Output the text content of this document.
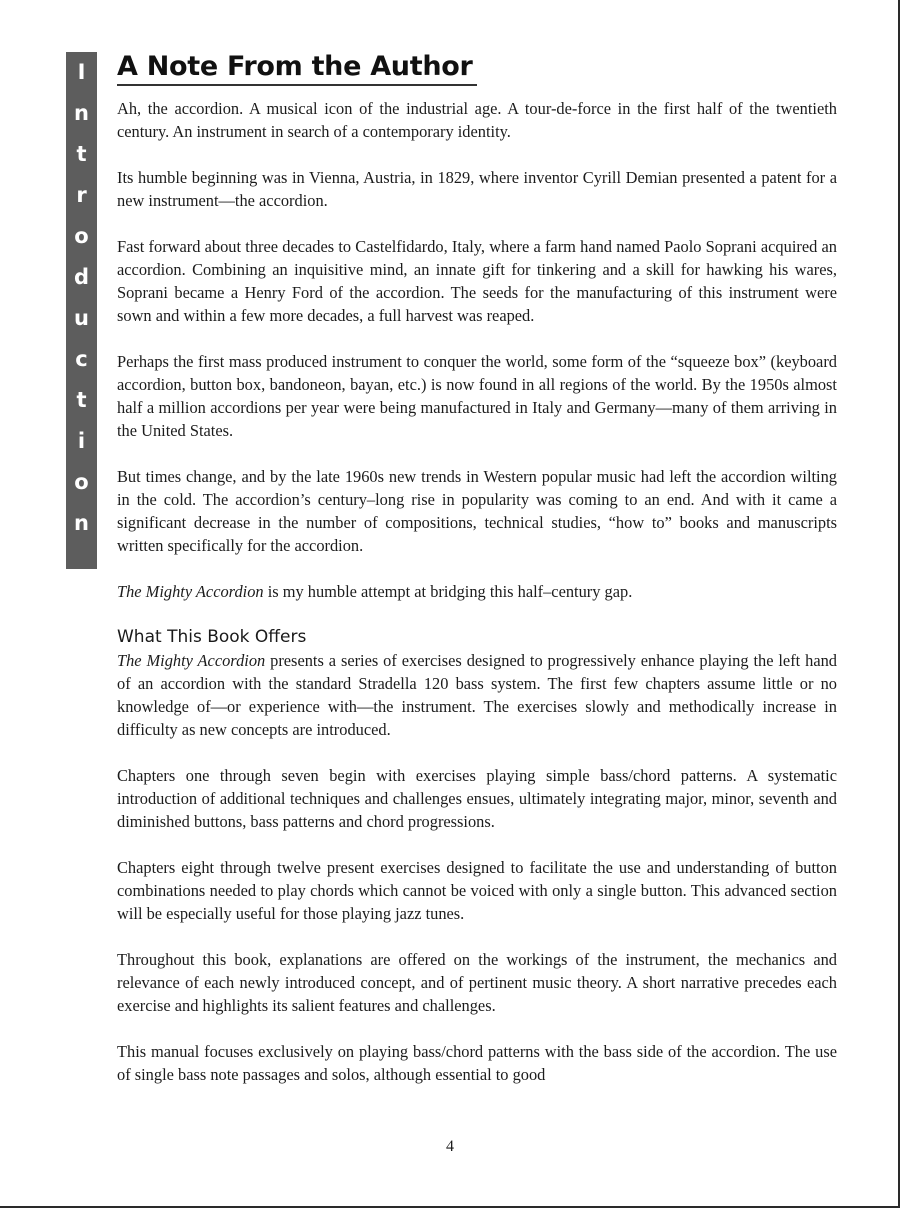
I
n
t
r
o
d
u
c
t
i
o
n
A Note From the Author

Ah, the accordion. A musical icon of the industrial age. A tour-de-force in the first half of the twentieth century. An instrument in search of a contemporary identity.

Its humble beginning was in Vienna, Austria, in 1829, where inventor Cyrill Demian presented a patent for a new instrument—the accordion.

Fast forward about three decades to Castelfidardo, Italy, where a farm hand named Paolo Soprani acquired an accordion. Combining an inquisitive mind, an innate gift for tinkering and a skill for hawking his wares, Soprani became a Henry Ford of the accordion. The seeds for the manufacturing of this instrument were sown and within a few more decades, a full harvest was reaped.

Perhaps the first mass produced instrument to conquer the world, some form of the “squeeze box” (keyboard accordion, button box, bandoneon, bayan, etc.) is now found in all regions of the world. By the 1950s almost half a million accordions per year were being manufactured in Italy and Germany—many of them arriving in the United States.

But times change, and by the late 1960s new trends in Western popular music had left the accordion wilting in the cold. The accordion’s century–long rise in popularity was coming to an end. And with it came a significant decrease in the number of compositions, technical studies, “how to” books and manuscripts written specifically for the accordion.

The Mighty Accordion is my humble attempt at bridging this half–century gap.

What This Book Offers

The Mighty Accordion presents a series of exercises designed to progressively enhance playing the left hand of an accordion with the standard Stradella 120 bass system. The first few chapters assume little or no knowledge of—or experience with—the instrument. The exercises slowly and methodically increase in difficulty as new concepts are introduced.

Chapters one through seven begin with exercises playing simple bass/chord patterns. A systematic introduction of additional techniques and challenges ensues, ultimately integrating major, minor, seventh and diminished buttons, bass patterns and chord progressions.

Chapters eight through twelve present exercises designed to facilitate the use and understanding of button combinations needed to play chords which cannot be voiced with only a single button. This advanced section will be especially useful for those playing jazz tunes.

Throughout this book, explanations are offered on the workings of the instrument, the mechanics and relevance of each newly introduced concept, and of pertinent music theory. A short narrative precedes each exercise and highlights its salient features and challenges.

This manual focuses exclusively on playing bass/chord patterns with the bass side of the accordion. The use of single bass note passages and solos, although essential to good

4
